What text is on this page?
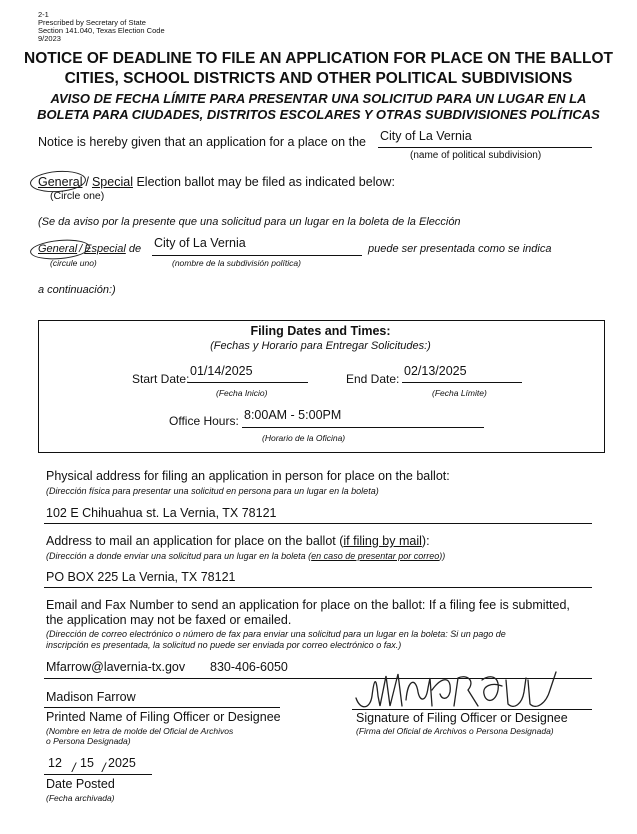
2-1
Prescribed by Secretary of State
Section 141.040, Texas Election Code
9/2023
NOTICE OF DEADLINE TO FILE AN APPLICATION FOR PLACE ON THE BALLOT
CITIES, SCHOOL DISTRICTS AND OTHER POLITICAL SUBDIVISIONS
AVISO DE FECHA LÍMITE PARA PRESENTAR UNA SOLICITUD PARA UN LUGAR EN LA
BOLETA PARA CIUDADES, DISTRITOS ESCOLARES Y OTRAS SUBDIVISIONES POLÍTICAS
Notice is hereby given that an application for a place on the City of La Vernia
(name of political subdivision)
General / Special Election ballot may be filed as indicated below:
(Circle one)
(Se da aviso por la presente que una solicitud para un lugar en la boleta de la Elección
General / Especial de City of La Vernia	puede ser presentada como se indica
(circule uno)	(nombre de la subdivisión política)
a continuación:)
Filing Dates and Times:
(Fechas y Horario para Entregar Solicitudes:)
Start Date:
01/14/2025
(Fecha Inicio)
End Date:
02/13/2025
(Fecha Límite)
Office Hours: 8:00AM - 5:00PM
(Horario de la Oficina)
Physical address for filing an application in person for place on the ballot:
(Dirección física para presentar una solicitud en persona para un lugar en la boleta)
102 E Chihuahua st. La Vernia, TX 78121
Address to mail an application for place on the ballot (if filing by mail):
(Dirección a donde enviar una solicitud para un lugar en la boleta (en caso de presentar por correo))
PO BOX 225 La Vernia, TX 78121
Email and Fax Number to send an application for place on the ballot: If a filing fee is submitted,
the application may not be faxed or emailed.
(Dirección de correo electrónico o número de fax para enviar una solicitud para un lugar en la boleta: Si un pago de
inscripción es presentada, la solicitud no puede ser enviada por correo electrónico o fax.)
Mfarrow@lavernia-tx.gov 830-406-6050
Madison Farrow
Printed Name of Filing Officer or Designee
(Nombre en letra de molde del Oficial de Archivos
o Persona Designada)
Signature of Filing Officer or Designee
(Firma del Oficial de Archivos o Persona Designada)
12 / 15 / 2025
Date Posted
(Fecha archivada)
